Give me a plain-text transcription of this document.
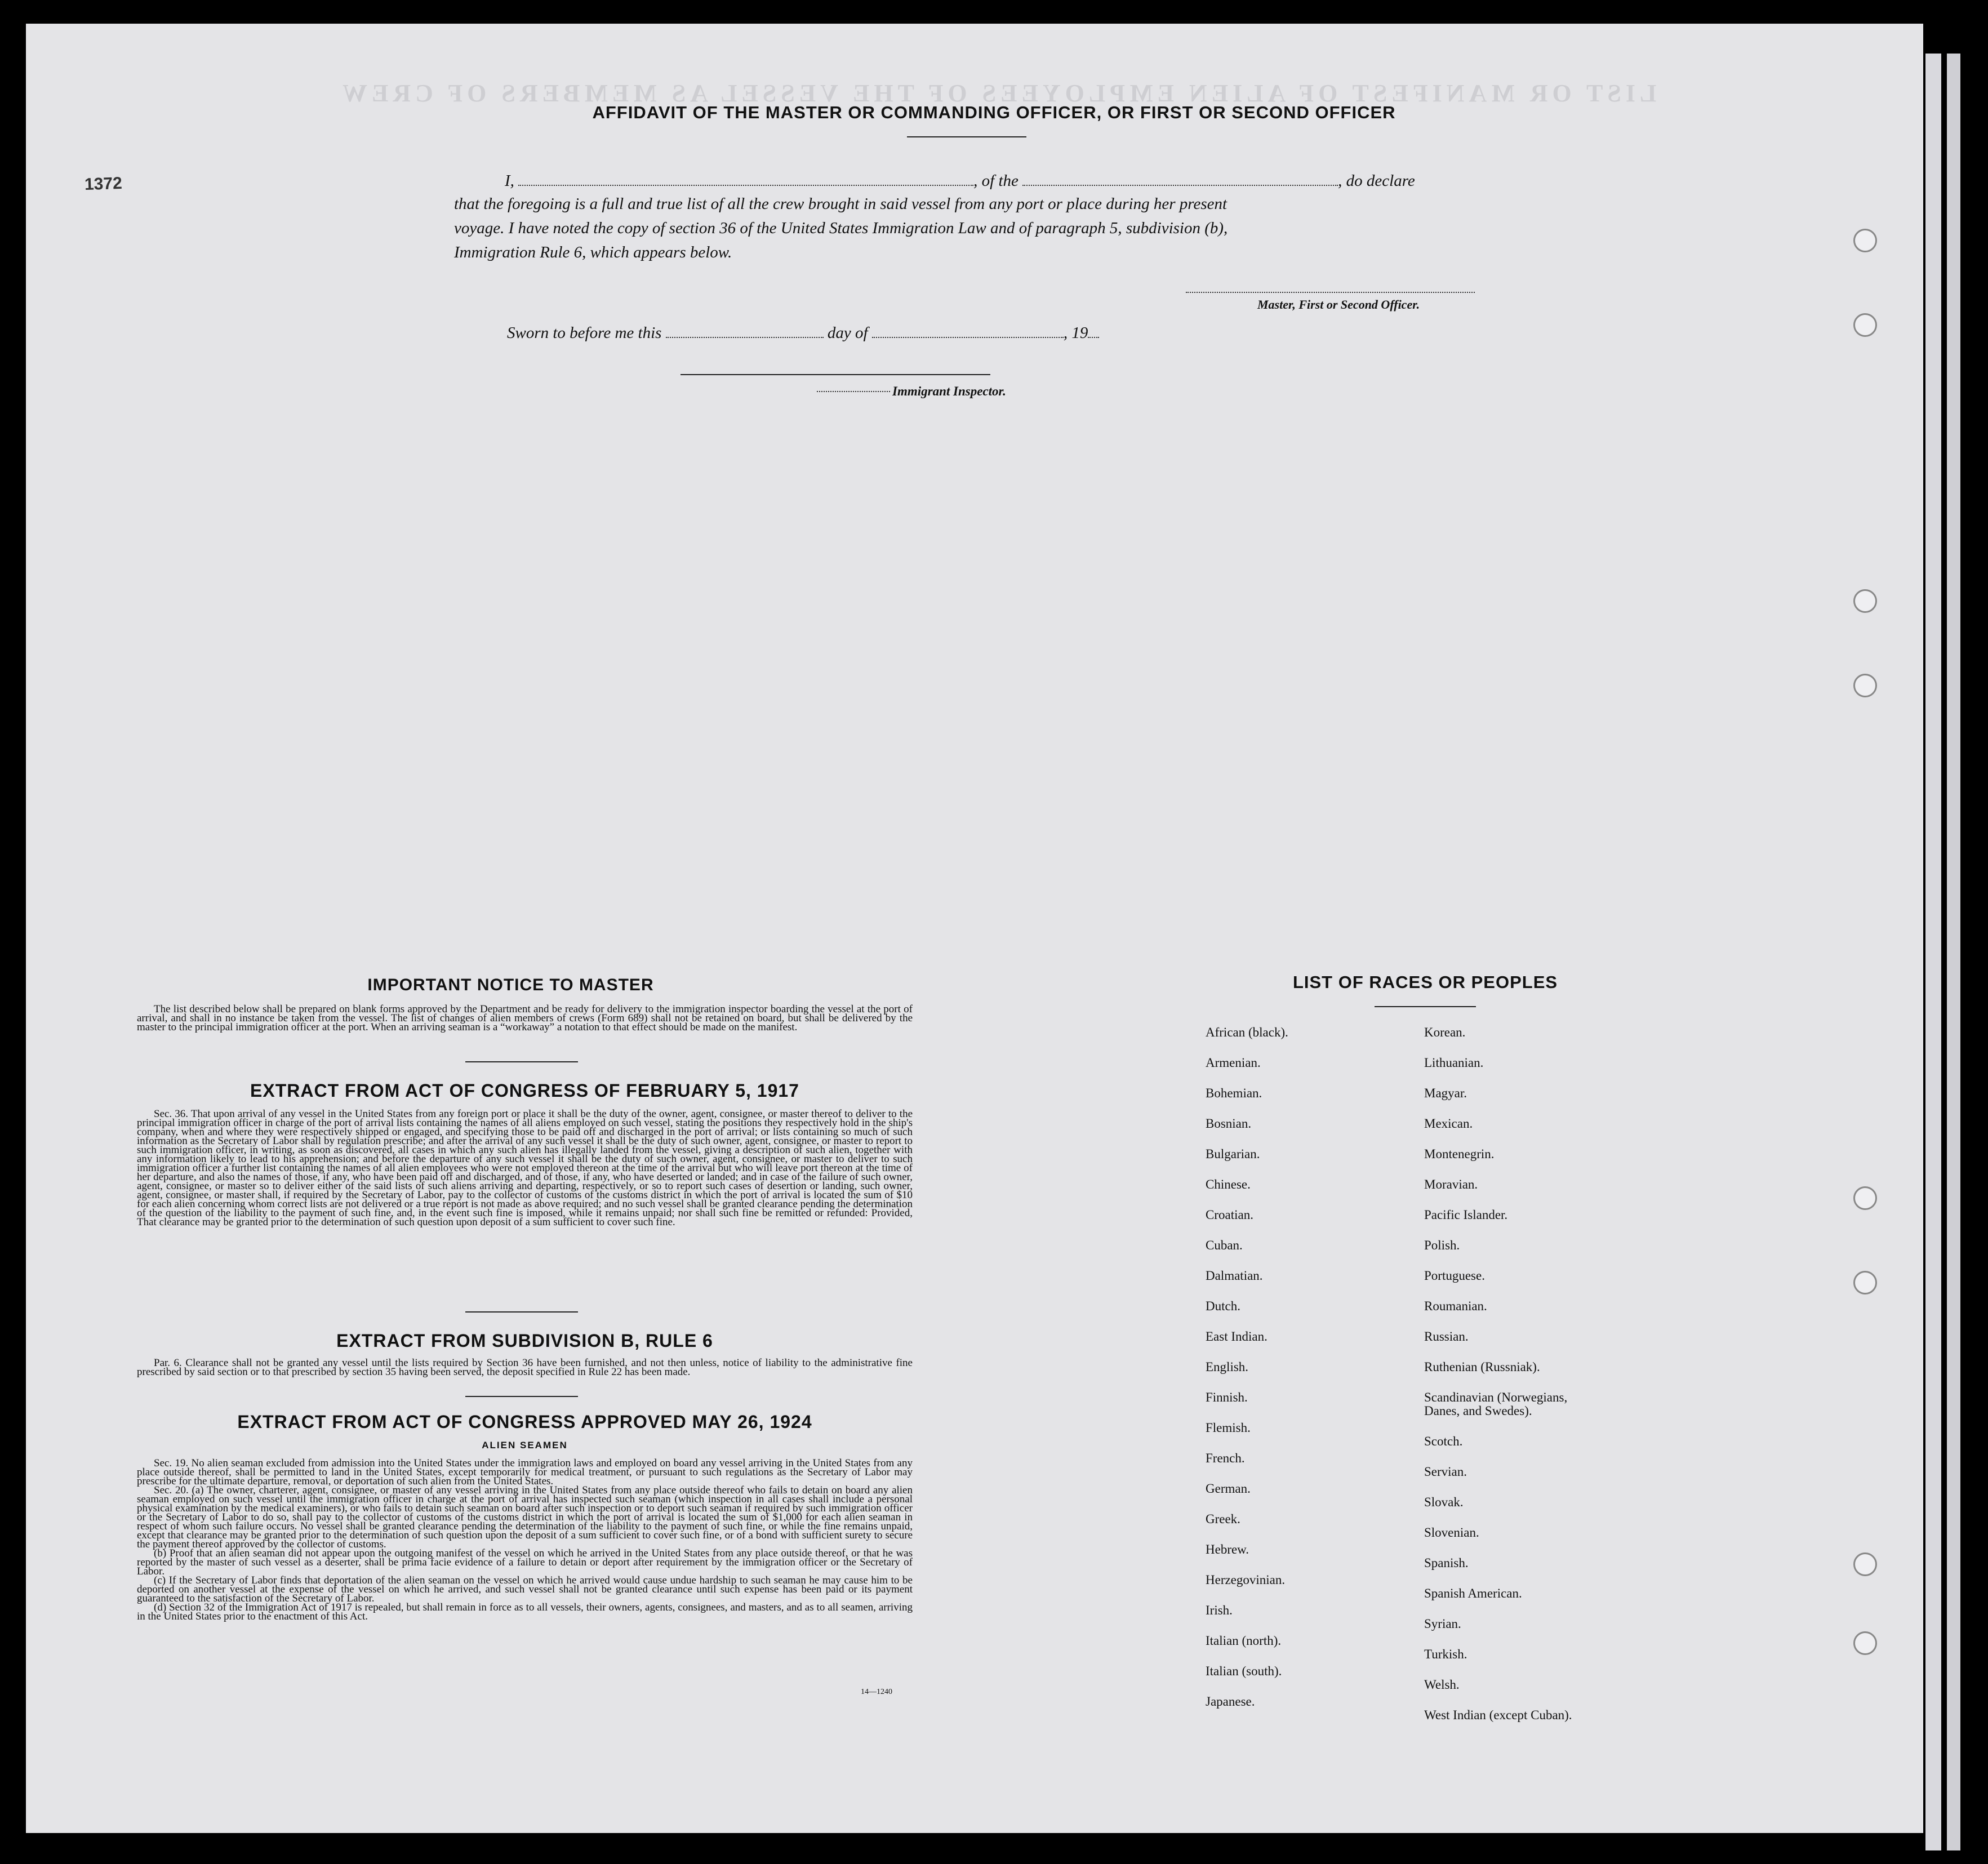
LIST OR MANIFEST OF ALIEN EMPLOYEES OF THE VESSEL AS MEMBERS OF CREW
AFFIDAVIT OF THE MASTER OR COMMANDING OFFICER, OR FIRST OR SECOND OFFICER
1372	I,	, of the	, do declare
that the foregoing is a full and true list of all the crew brought in said vessel from any port or place during her present
voyage. I have noted the copy of section 36 of the United States Immigration Law and of paragraph 5, subdivision (b),
Immigration Rule 6, which appears below.
Master, First or Second Officer.
Sworn to before me this	day of	, 19
Immigrant Inspector.
IMPORTANT NOTICE TO MASTER

The list described below shall be prepared on blank forms approved by the Department and be ready for delivery to the immigration inspector boarding the vessel at the port of arrival, and shall in no instance be taken from the vessel. The list of changes of alien members of crews (Form 689) shall not be retained on board, but shall be delivered by the master to the principal immigration officer at the port. When an arriving seaman is a “workaway” a notation to that effect should be made on the manifest.

EXTRACT FROM ACT OF CONGRESS OF FEBRUARY 5, 1917

Sec. 36. That upon arrival of any vessel in the United States from any foreign port or place it shall be the duty of the owner, agent, consignee, or master thereof to deliver to the principal immigration officer in charge of the port of arrival lists containing the names of all aliens employed on such vessel, stating the positions they respectively hold in the ship's company, when and where they were respectively shipped or engaged, and specifying those to be paid off and discharged in the port of arrival; or lists containing so much of such information as the Secretary of Labor shall by regulation prescribe; and after the arrival of any such vessel it shall be the duty of such owner, agent, consignee, or master to report to such immigration officer, in writing, as soon as discovered, all cases in which any such alien has illegally landed from the vessel, giving a description of such alien, together with any information likely to lead to his apprehension; and before the departure of any such vessel it shall be the duty of such owner, agent, consignee, or master to deliver to such immigration officer a further list containing the names of all alien employees who were not employed thereon at the time of the arrival but who will leave port thereon at the time of her departure, and also the names of those, if any, who have been paid off and discharged, and of those, if any, who have deserted or landed; and in case of the failure of such owner, agent, consignee, or master so to deliver either of the said lists of such aliens arriving and departing, respectively, or so to report such cases of desertion or landing, such owner, agent, consignee, or master shall, if required by the Secretary of Labor, pay to the collector of customs of the customs district in which the port of arrival is located the sum of $10 for each alien concerning whom correct lists are not delivered or a true report is not made as above required; and no such vessel shall be granted clearance pending the determination of the question of the liability to the payment of such fine, and, in the event such fine is imposed, while it remains unpaid; nor shall such fine be remitted or refunded: Provided, That clearance may be granted prior to the determination of such question upon deposit of a sum sufficient to cover such fine.

EXTRACT FROM SUBDIVISION B, RULE 6

Par. 6. Clearance shall not be granted any vessel until the lists required by Section 36 have been furnished, and not then unless, notice of liability to the administrative fine prescribed by said section or to that prescribed by section 35 having been served, the deposit specified in Rule 22 has been made.

EXTRACT FROM ACT OF CONGRESS APPROVED MAY 26, 1924
ALIEN SEAMEN

Sec. 19. No alien seaman excluded from admission into the United States under the immigration laws and employed on board any vessel arriving in the United States from any place outside thereof, shall be permitted to land in the United States, except temporarily for medical treatment, or pursuant to such regulations as the Secretary of Labor may prescribe for the ultimate departure, removal, or deportation of such alien from the United States.

Sec. 20. (a) The owner, charterer, agent, consignee, or master of any vessel arriving in the United States from any place outside thereof who fails to detain on board any alien seaman employed on such vessel until the immigration officer in charge at the port of arrival has inspected such seaman (which inspection in all cases shall include a personal physical examination by the medical examiners), or who fails to detain such seaman on board after such inspection or to deport such seaman if required by such immigration officer or the Secretary of Labor to do so, shall pay to the collector of customs of the customs district in which the port of arrival is located the sum of $1,000 for each alien seaman in respect of whom such failure occurs. No vessel shall be granted clearance pending the determination of the liability to the payment of such fine, or while the fine remains unpaid, except that clearance may be granted prior to the determination of such question upon the deposit of a sum sufficient to cover such fine, or of a bond with sufficient surety to secure the payment thereof approved by the collector of customs.

(b) Proof that an alien seaman did not appear upon the outgoing manifest of the vessel on which he arrived in the United States from any place outside thereof, or that he was reported by the master of such vessel as a deserter, shall be prima facie evidence of a failure to detain or deport after requirement by the immigration officer or the Secretary of Labor.

(c) If the Secretary of Labor finds that deportation of the alien seaman on the vessel on which he arrived would cause undue hardship to such seaman he may cause him to be deported on another vessel at the expense of the vessel on which he arrived, and such vessel shall not be granted clearance until such expense has been paid or its payment guaranteed to the satisfaction of the Secretary of Labor.

(d) Section 32 of the Immigration Act of 1917 is repealed, but shall remain in force as to all vessels, their owners, agents, consignees, and masters, and as to all seamen, arriving in the United States prior to the enactment of this Act.

14—1240
LIST OF RACES OR PEOPLES
African (black).
Armenian.
Bohemian.
Bosnian.
Bulgarian.
Chinese.
Croatian.
Cuban.
Dalmatian.
Dutch.
East Indian.
English.
Finnish.
Flemish.
French.
German.
Greek.
Hebrew.
Herzegovinian.
Irish.
Italian (north).
Italian (south).
Japanese.
Korean.
Lithuanian.
Magyar.
Mexican.
Montenegrin.
Moravian.
Pacific Islander.
Polish.
Portuguese.
Roumanian.
Russian.
Ruthenian (Russniak).
Scandinavian (Norwegians,
Danes, and Swedes).
Scotch.
Servian.
Slovak.
Slovenian.
Spanish.
Spanish American.
Syrian.
Turkish.
Welsh.
West Indian (except Cuban).
